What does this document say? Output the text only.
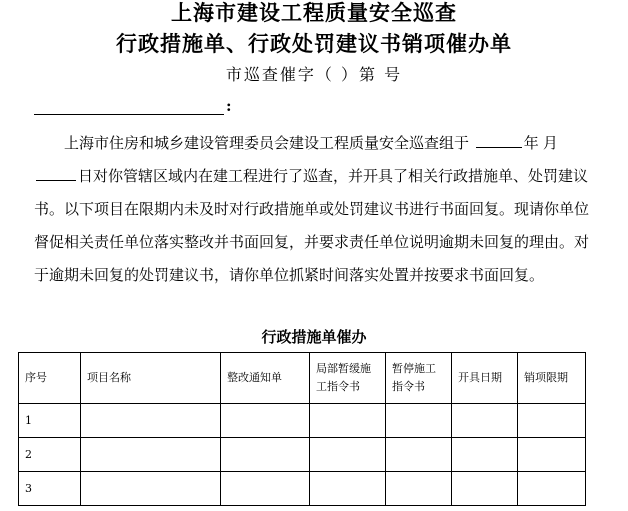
上海市建设工程质量安全巡查
行政措施单、行政处罚建议书销项催办单
市巡查催字（ ）第 号
:

上海市住房和城乡建设管理委员会建设工程质量安全巡查组于	年 月日对你管辖区域内在建工程进行了巡查，并开具了相关行政措施单、处罚建议书。以下项目在限期内未及时对行政措施单或处罚建议书进行书面回复。现请你单位督促相关责任单位落实整改并书面回复，并要求责任单位说明逾期未回复的理由。对于逾期未回复的处罚建议书，请你单位抓紧时间落实处置并按要求书面回复。

行政措施单催办
序号	项目名称	整改通知单	局部暂缓施工指令书	暂停施工指令书	开具日期	销项限期
1						
2						
3						
